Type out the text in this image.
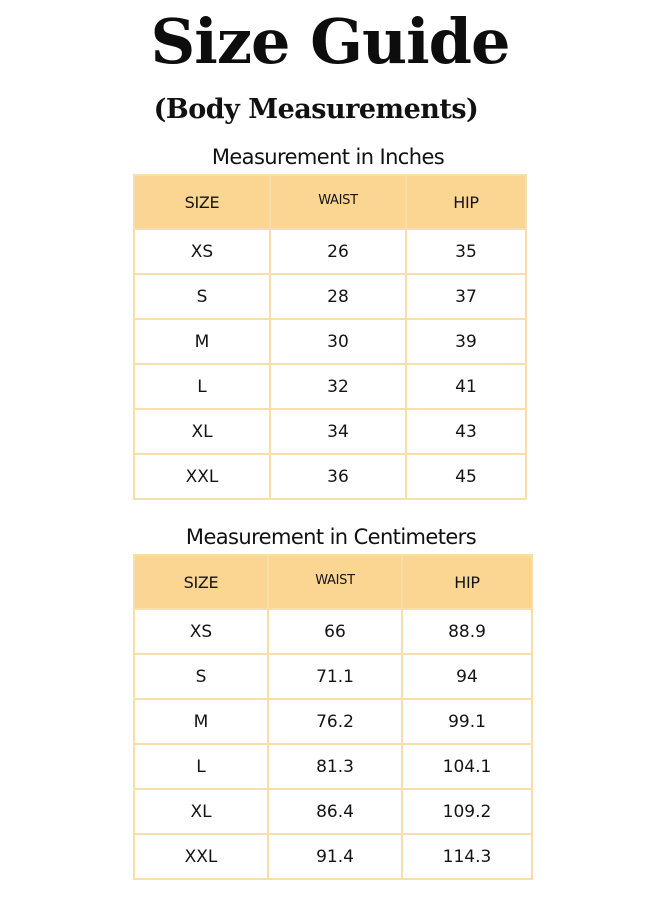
Size Guide
(Body Measurements)
Measurement in Inches
SIZE	WAIST	HIP
XS	26	35
S	28	37
M	30	39
L	32	41
XL	34	43
XXL	36	45
Measurement in Centimeters
SIZE	WAIST	HIP
XS	66	88.9
S	71.1	94
M	76.2	99.1
L	81.3	104.1
XL	86.4	109.2
XXL	91.4	114.3
